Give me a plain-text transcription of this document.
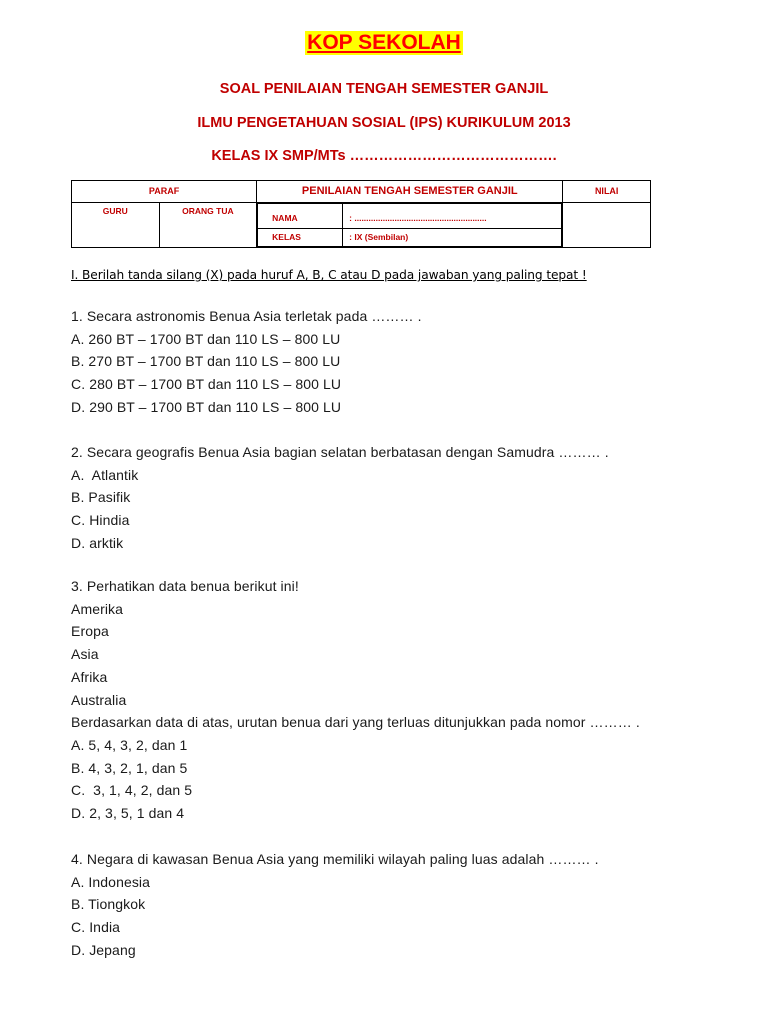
KOP SEKOLAH
SOAL PENILAIAN TENGAH SEMESTER GANJIL
ILMU PENGETAHUAN SOSIAL (IPS) KURIKULUM 2013
KELAS IX SMP/MTs …………………………………….
PARAF	PENILAIAN TENGAH SEMESTER GANJIL	NILAI
GURU	ORANG TUA	
NAMA	: ........................................................
KELAS	: IX (Sembilan)

I. Berilah tanda silang (X) pada huruf A, B, C atau D pada jawaban yang paling tepat !
1. Secara astronomis Benua Asia terletak pada ……… .
A. 260 BT – 1700 BT dan 110 LS – 800 LU
B. 270 BT – 1700 BT dan 110 LS – 800 LU
C. 280 BT – 1700 BT dan 110 LS – 800 LU
D. 290 BT – 1700 BT dan 110 LS – 800 LU
2. Secara geografis Benua Asia bagian selatan berbatasan dengan Samudra ……… .
A.  Atlantik
B. Pasifik
C. Hindia
D. arktik
3. Perhatikan data benua berikut ini!
Amerika
Eropa
Asia
Afrika
Australia
Berdasarkan data di atas, urutan benua dari yang terluas ditunjukkan pada nomor ……… .
A. 5, 4, 3, 2, dan 1
B. 4, 3, 2, 1, dan 5
C.  3, 1, 4, 2, dan 5
D. 2, 3, 5, 1 dan 4
4. Negara di kawasan Benua Asia yang memiliki wilayah paling luas adalah ……… .
A. Indonesia
B. Tiongkok
C. India
D. Jepang
